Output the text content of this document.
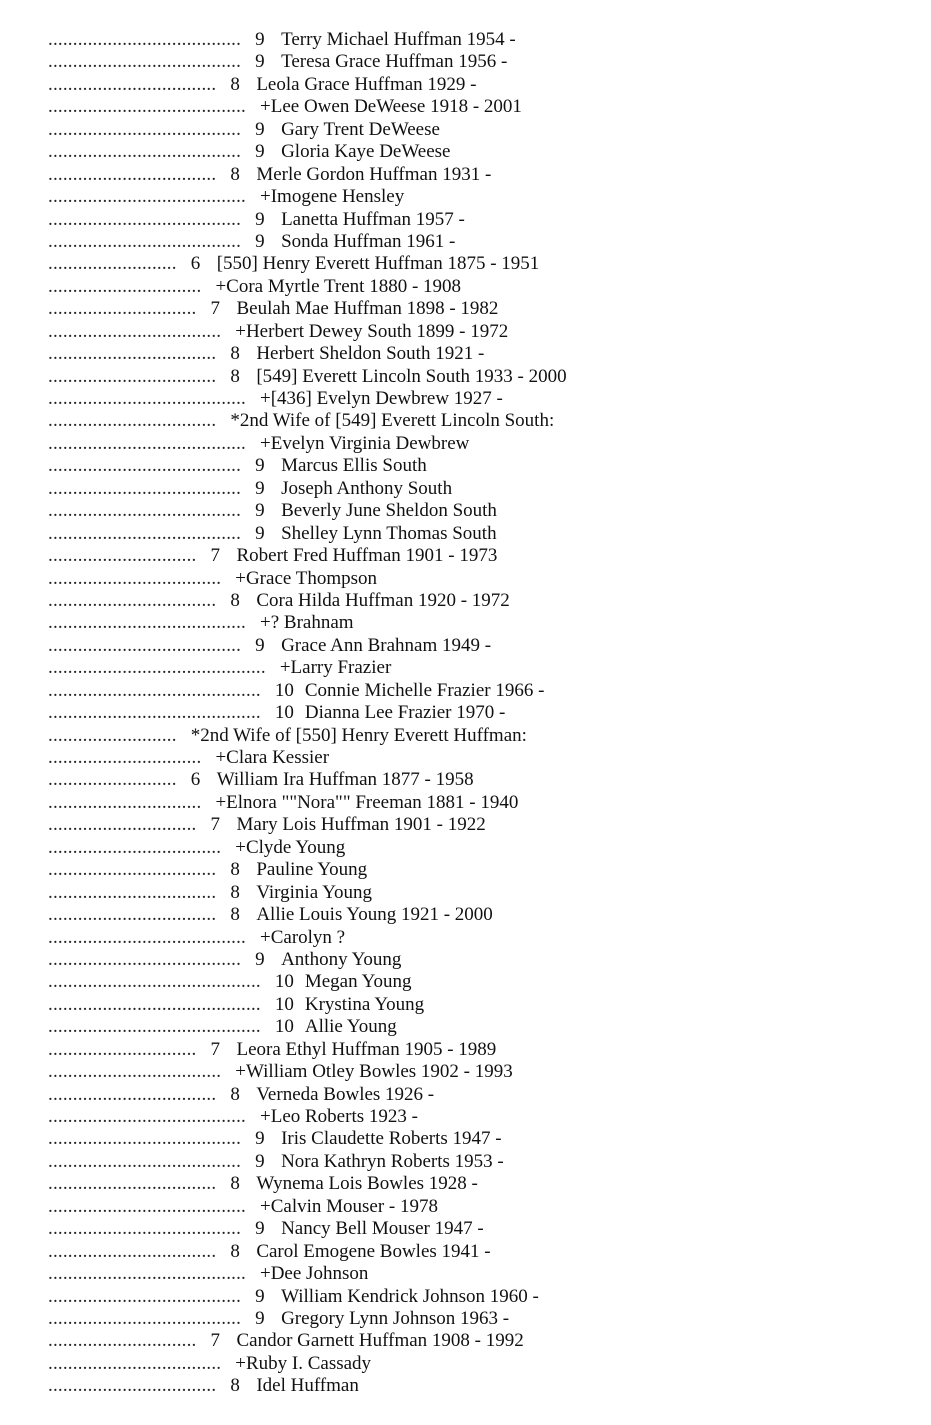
....................................... 9 Terry Michael Huffman 1954 -
....................................... 9 Teresa Grace Huffman 1956 -
.................................. 8 Leola Grace Huffman 1929 -
........................................ +Lee Owen DeWeese 1918 - 2001
....................................... 9 Gary Trent DeWeese
....................................... 9 Gloria Kaye DeWeese
.................................. 8 Merle Gordon Huffman 1931 -
........................................ +Imogene Hensley
....................................... 9 Lanetta Huffman 1957 -
....................................... 9 Sonda Huffman 1961 -
.......................... 6 [550] Henry Everett Huffman 1875 - 1951
............................... +Cora Myrtle Trent 1880 - 1908
.............................. 7 Beulah Mae Huffman 1898 - 1982
................................... +Herbert Dewey South 1899 - 1972
.................................. 8 Herbert Sheldon South 1921 -
.................................. 8 [549] Everett Lincoln South 1933 - 2000
........................................ +[436] Evelyn Dewbrew 1927 -
.................................. *2nd Wife of [549] Everett Lincoln South:
........................................ +Evelyn Virginia Dewbrew
....................................... 9 Marcus Ellis South
....................................... 9 Joseph Anthony South
....................................... 9 Beverly June Sheldon South
....................................... 9 Shelley Lynn Thomas South
.............................. 7 Robert Fred Huffman 1901 - 1973
................................... +Grace Thompson
.................................. 8 Cora Hilda Huffman 1920 - 1972
........................................ +? Brahnam
....................................... 9 Grace Ann Brahnam 1949 -
............................................ +Larry Frazier
........................................... 10 Connie Michelle Frazier 1966 -
........................................... 10 Dianna Lee Frazier 1970 -
.......................... *2nd Wife of [550] Henry Everett Huffman:
............................... +Clara Kessier
.......................... 6 William Ira Huffman 1877 - 1958
............................... +Elnora ""Nora"" Freeman 1881 - 1940
.............................. 7 Mary Lois Huffman 1901 - 1922
................................... +Clyde Young
.................................. 8 Pauline Young
.................................. 8 Virginia Young
.................................. 8 Allie Louis Young 1921 - 2000
........................................ +Carolyn ?
....................................... 9 Anthony Young
........................................... 10 Megan Young
........................................... 10 Krystina Young
........................................... 10 Allie Young
.............................. 7 Leora Ethyl Huffman 1905 - 1989
................................... +William Otley Bowles 1902 - 1993
.................................. 8 Verneda Bowles 1926 -
........................................ +Leo Roberts 1923 -
....................................... 9 Iris Claudette Roberts 1947 -
....................................... 9 Nora Kathryn Roberts 1953 -
.................................. 8 Wynema Lois Bowles 1928 -
........................................ +Calvin Mouser - 1978
....................................... 9 Nancy Bell Mouser 1947 -
.................................. 8 Carol Emogene Bowles 1941 -
........................................ +Dee Johnson
....................................... 9 William Kendrick Johnson 1960 -
....................................... 9 Gregory Lynn Johnson 1963 -
.............................. 7 Candor Garnett Huffman 1908 - 1992
................................... +Ruby I. Cassady
.................................. 8 Idel Huffman
